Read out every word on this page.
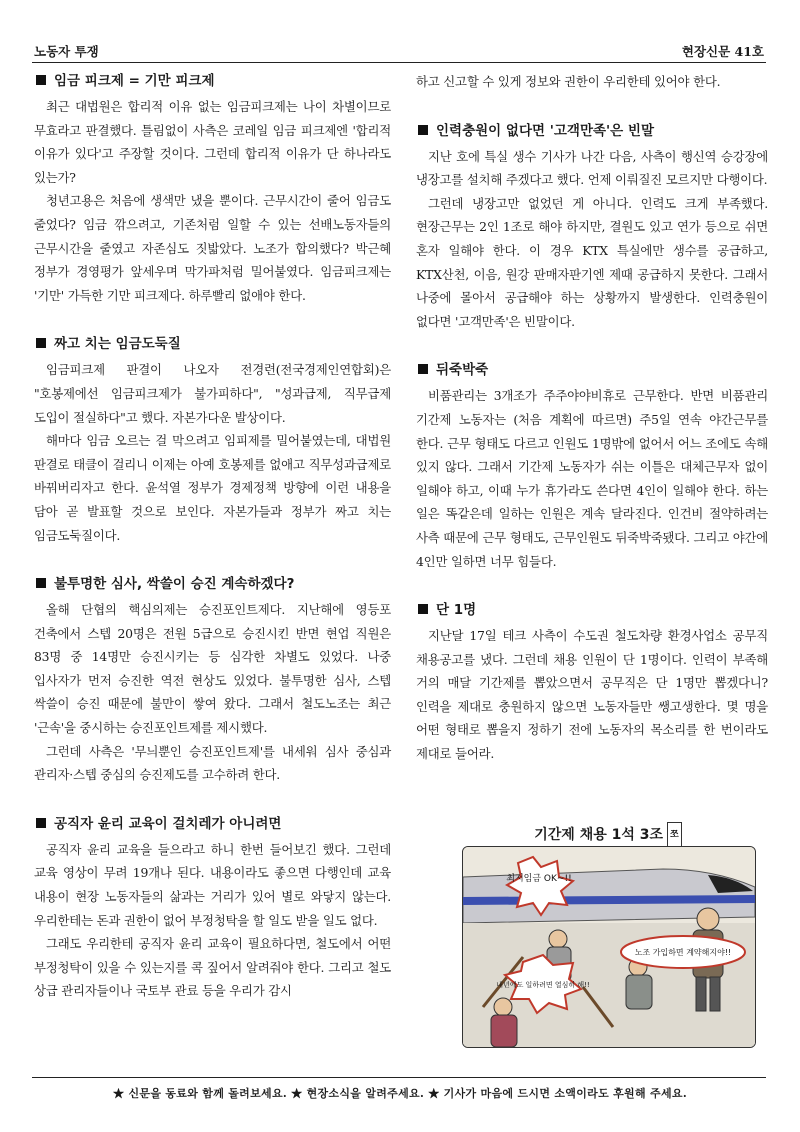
노동자 투쟁	현장신문 41호
임금 피크제 = 기만 피크제

최근 대법원은 합리적 이유 없는 임금피크제는 나이 차별이므로 무효라고 판결했다. 틀림없이 사측은 코레일 임금 피크제엔 '합리적 이유가 있다'고 주장할 것이다. 그런데 합리적 이유가 단 하나라도 있는가?

청년고용은 처음에 생색만 냈을 뿐이다. 근무시간이 줄어 임금도 줄었다? 임금 깎으려고, 기존처럼 일할 수 있는 선배노동자들의 근무시간을 줄였고 자존심도 짓밟았다. 노조가 합의했다? 박근혜 정부가 경영평가 앞세우며 막가파처럼 밀어붙였다. 임금피크제는 '기만' 가득한 기만 피크제다. 하루빨리 없애야 한다.

짜고 치는 임금도둑질

임금피크제 판결이 나오자 전경련(전국경제인연합회)은 "호봉제에선 임금피크제가 불가피하다", "성과급제, 직무급제 도입이 절실하다"고 했다. 자본가다운 발상이다.

해마다 임금 오르는 걸 막으려고 임피제를 밀어붙였는데, 대법원 판결로 태클이 걸리니 이제는 아예 호봉제를 없애고 직무성과급제로 바꿔버리자고 한다. 윤석열 정부가 경제정책 방향에 이런 내용을 담아 곧 발표할 것으로 보인다. 자본가들과 정부가 짜고 치는 임금도둑질이다.

불투명한 심사, 싹쓸이 승진 계속하겠다?

올해 단협의 핵심의제는 승진포인트제다. 지난해에 영등포 건축에서 스텝 20명은 전원 5급으로 승진시킨 반면 현업 직원은 83명 중 14명만 승진시키는 등 심각한 차별도 있었다. 나중 입사자가 먼저 승진한 역전 현상도 있었다. 불투명한 심사, 스텝 싹쓸이 승진 때문에 불만이 쌓여 왔다. 그래서 철도노조는 최근 '근속'을 중시하는 승진포인트제를 제시했다.

그런데 사측은 '무늬뿐인 승진포인트제'를 내세워 심사 중심과 관리자·스텝 중심의 승진제도를 고수하려 한다.

공직자 윤리 교육이 걸치레가 아니려면

공직자 윤리 교육을 들으라고 하니 한번 들어보긴 했다. 그런데 교육 영상이 무려 19개나 된다. 내용이라도 좋으면 다행인데 교육 내용이 현장 노동자들의 삶과는 거리가 있어 별로 와닿지 않는다. 우리한테는 돈과 권한이 없어 부정청탁을 할 일도 받을 일도 없다.

그래도 우리한테 공직자 윤리 교육이 필요하다면, 철도에서 어떤 부정청탁이 있을 수 있는지를 콕 짚어서 알려줘야 한다. 그리고 철도 상급 관리자들이나 국토부 관료 등을 우리가 감시

하고 신고할 수 있게 정보와 권한이 우리한테 있어야 한다.

인력충원이 없다면 '고객만족'은 빈말

지난 호에 특실 생수 기사가 나간 다음, 사측이 행신역 승강장에 냉장고를 설치해 주겠다고 했다. 언제 이뤄질진 모르지만 다행이다.

그런데 냉장고만 없었던 게 아니다. 인력도 크게 부족했다. 현장근무는 2인 1조로 해야 하지만, 결원도 있고 연가 등으로 쉬면 혼자 일해야 한다. 이 경우 KTX 특실에만 생수를 공급하고, KTX산천, 이음, 원강 판매자판기엔 제때 공급하지 못한다. 그래서 나중에 몰아서 공급해야 하는 상황까지 발생한다. 인력충원이 없다면 '고객만족'은 빈말이다.

뒤죽박죽

비품관리는 3개조가 주주야야비휴로 근무한다. 반면 비품관리 기간제 노동자는 (처음 계획에 따르면) 주5일 연속 야간근무를 한다. 근무 형태도 다르고 인원도 1명밖에 없어서 어느 조에도 속해 있지 않다. 그래서 기간제 노동자가 쉬는 이틀은 대체근무자 없이 일해야 하고, 이때 누가 휴가라도 쓴다면 4인이 일해야 한다. 하는 일은 똑같은데 일하는 인원은 계속 달라진다. 인건비 절약하려는 사측 때문에 근무 형태도, 근무인원도 뒤죽박죽됐다. 그리고 야간에 4인만 일하면 너무 힘들다.

단 1명

지난달 17일 테크 사측이 수도권 철도차량 환경사업소 공무직 채용공고를 냈다. 그런데 채용 인원이 단 1명이다. 인력이 부족해 거의 매달 기간제를 뽑았으면서 공무직은 단 1명만 뽑겠다니? 인력을 제대로 충원하지 않으면 노동자들만 쌩고생한다. 몇 명을 어떤 형태로 뽑을지 정하기 전에 노동자의 목소리를 한 번이라도 제대로 들어라.

기간제 채용 1석 3조 쪼
최저임금 OK~!!
노조 가입하면 계약해지야!!
내년에도 일하려면 열심히 해!!
★ 신문을 동료와 함께 돌려보세요. ★ 현장소식을 알려주세요. ★ 기사가 마음에 드시면 소액이라도 후원해 주세요.
